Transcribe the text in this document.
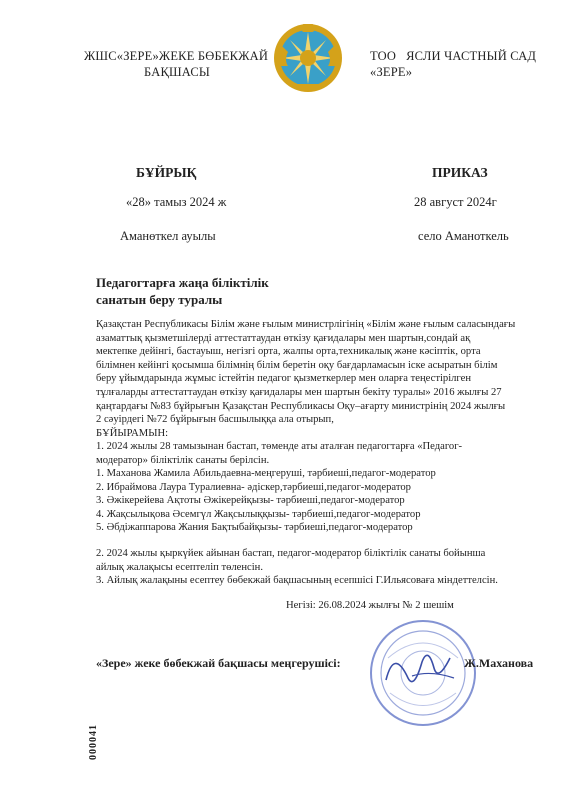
ЖШС«ЗЕРЕ»ЖЕКЕ БӨБЕКЖАЙ
БАҚШАСЫ
ТОО   ЯСЛИ ЧАСТНЫЙ САД
«ЗЕРЕ»
БҰЙРЫҚ	ПРИКАЗ
«28» тамыз 2024 ж	28 август 2024г
Аманөткел ауылы	село Аманоткель
Педагогтарға жаңа біліктілік
санатын беру туралы
Қазақстан Республикасы Білім және ғылым министрлігінің «Білім және ғылым саласындағы
азаматтық қызметшілерді аттестаттаудан өткізу қағидалары мен шартын,сондай ақ
мектепке дейінгі, бастауыш, негізгі орта, жалпы орта,техникалық және кәсіптік, орта
білімнен кейінгі қосымша білімнің білім беретін оқу бағдарламасын іске асыратын білім
беру ұйымдарында жұмыс істейтін педагог қызметкерлер мен оларға теңестірілген
тұлғаларды аттестаттаудан өткізу қағидалары мен шартын бекіту туралы» 2016 жылғы 27
қаңтардағы №83 бұйрығын Қазақстан Республикасы Оқу–ағарту министрінің 2024 жылғы
2 сәуірдегі №72 бұйрығын басшылыққа ала отырып,
БҰЙЫРАМЫН:
1. 2024 жылы 28 тамызынан бастап, төменде аты аталған педагогтарға «Педагог-
модератор» біліктілік санаты берілсін.
1. Маханова Жамила Абильдаевна-меңгеруші, тәрбиеші,педагог-модератор
2. Ибраймова Лаура Туралиевна- әдіскер,тәрбиеші,педагог-модератор
3. Әжікерейева Ақтоты Әжікерейқызы- тәрбиеші,педагог-модератор
4. Жақсылықова Әсемгүл Жақсылыққызы- тәрбиеші,педагог-модератор
5. Әбдіжаппарова Жания Бақтыбайқызы- тәрбиеші,педагог-модератор
2. 2024 жылы қыркүйек айынан бастап, педагог-модератор біліктілік санаты бойынша
айлық жалақысы есептеліп төленсін.
3. Айлық жалақыны есептеу бөбекжай бақшасының есепшісі Г.Ильясоваға міндеттелсін.
Негізі: 26.08.2024 жылғы № 2 шешім
«Зере» жеке бөбекжай бақшасы меңгерушісі:	Ж.Маханова
000041
